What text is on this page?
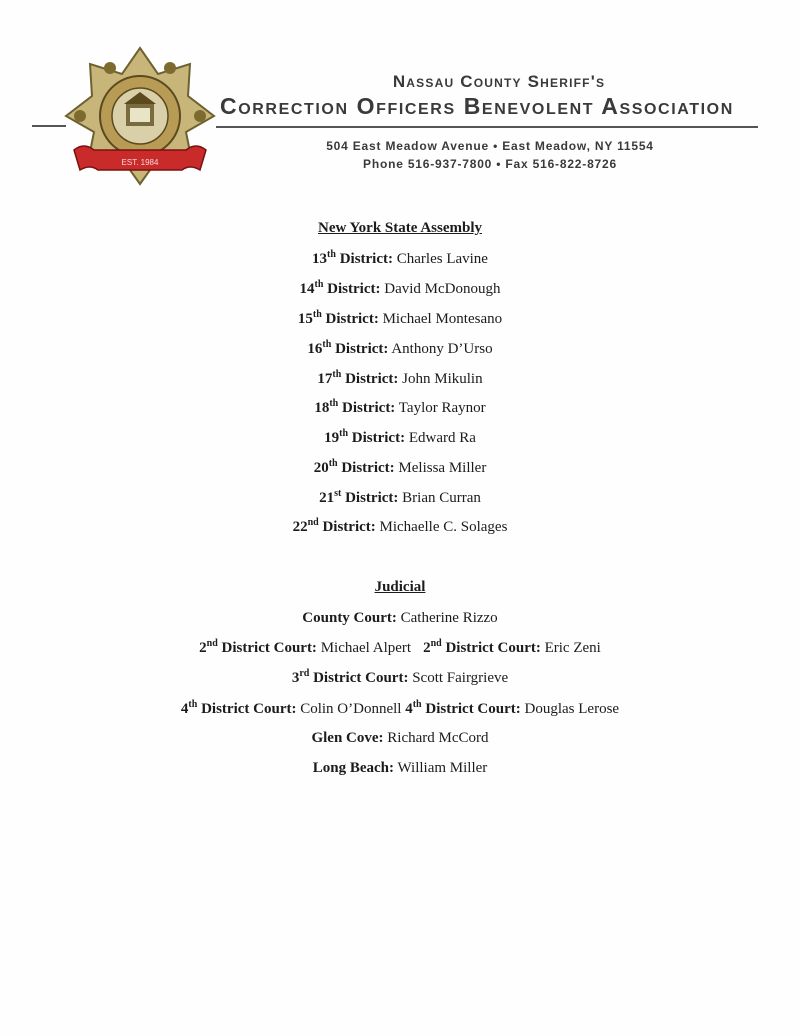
EST. 1984
Nassau County Sheriff's
Correction Officers Benevolent Association
504 East Meadow Avenue • East Meadow, NY 11554
Phone 516-937-7800 • Fax 516-822-8726
New York State Assembly
13th District: Charles Lavine
14th District: David McDonough
15th District: Michael Montesano
16th District: Anthony D’Urso
17th District: John Mikulin
18th District: Taylor Raynor
19th District: Edward Ra
20th District: Melissa Miller
21st District: Brian Curran
22nd District: Michaelle C. Solages
Judicial
County Court: Catherine Rizzo
2nd District Court: Michael Alpert 2nd District Court: Eric Zeni
3rd District Court: Scott Fairgrieve
4th District Court: Colin O’Donnell 4th District Court: Douglas Lerose
Glen Cove: Richard McCord
Long Beach: William Miller
